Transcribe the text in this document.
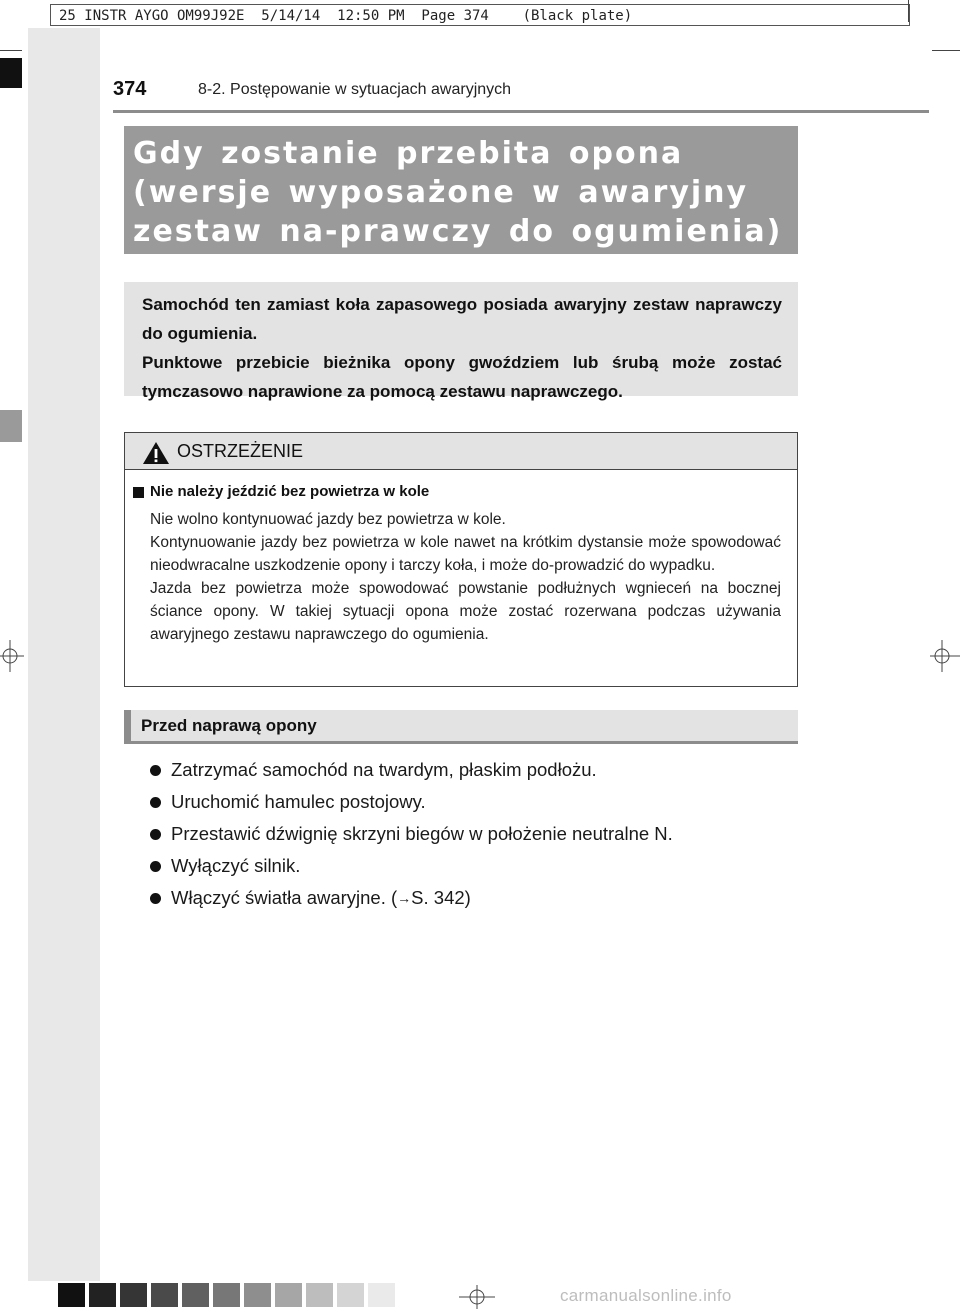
25 INSTR AYGO OM99J92E  5/14/14  12:50 PM  Page 374    (Black plate)
374	8-2. Postępowanie w sytuacjach awaryjnych
Gdy zostanie przebita opona (wersje wyposażone w awaryjny zestaw na-prawczy do ogumienia)

Samochód ten zamiast koła zapasowego posiada awaryjny zestaw naprawczy do ogumienia.

Punktowe przebicie bieżnika opony gwoździem lub śrubą może zostać tymczasowo naprawione za pomocą zestawu naprawczego.

OSTRZEŻENIE
Nie należy jeździć bez powietrza w kole

Nie wolno kontynuować jazdy bez powietrza w kole.

Kontynuowanie jazdy bez powietrza w kole nawet na krótkim dystansie może spowodować nieodwracalne uszkodzenie opony i tarczy koła, i może do-prowadzić do wypadku.

Jazda bez powietrza może spowodować powstanie podłużnych wgnieceń na bocznej ściance opony. W takiej sytuacji opona może zostać rozerwana podczas używania awaryjnego zestawu naprawczego do ogumienia.

Przed naprawą opony
Zatrzymać samochód na twardym, płaskim podłożu.
Uruchomić hamulec postojowy.
Przestawić dźwignię skrzyni biegów w położenie neutralne N.
Wyłączyć silnik.
Włączyć światła awaryjne. ( → S. 342)
carmanualsonline.info
